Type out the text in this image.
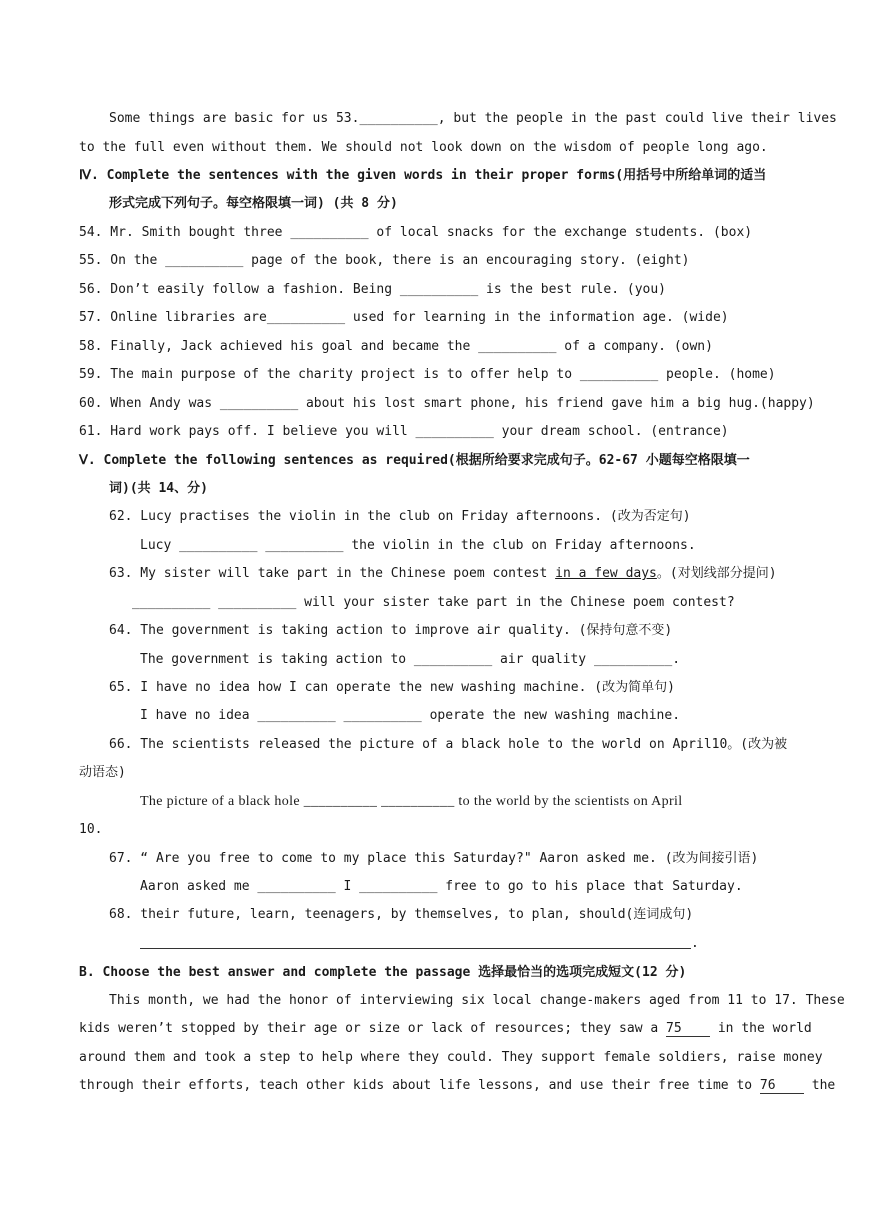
Some things are basic for us 53.__________, but the people in the past could live their lives
to the full even without them. We should not look down on the wisdom of people long ago.
Ⅳ. Complete the sentences with the given words in their proper forms(用括号中所给单词的适当
形式完成下列句子。每空格限填一词) (共 8 分)
54. Mr. Smith bought three __________ of local snacks for the exchange students. (box)
55. On the __________ page of the book, there is an encouraging story. (eight)
56. Don’t easily follow a fashion. Being __________ is the best rule. (you)
57. Online libraries are__________ used for learning in the information age. (wide)
58. Finally, Jack achieved his goal and became the __________ of a company. (own)
59. The main purpose of the charity project is to offer help to __________ people. (home)
60. When Andy was __________ about his lost smart phone, his friend gave him a big hug.(happy)
61. Hard work pays off. I believe you will __________ your dream school. (entrance)
Ⅴ. Complete the following sentences as required(根据所给要求完成句子。62-67 小题每空格限填一
词)(共 14、分)
62. Lucy practises the violin in the club on Friday afternoons. (改为否定句)
Lucy __________ __________ the violin in the club on Friday afternoons.
63. My sister will take part in the Chinese poem contest in a few days。(对划线部分提问)
__________ __________ will your sister take part in the Chinese poem contest?
64. The government is taking action to improve air quality. (保持句意不变)
The government is taking action to __________ air quality __________.
65. I have no idea how I can operate the new washing machine. (改为简单句)
I have no idea __________ __________ operate the new washing machine.
66. The scientists released the picture of a black hole to the world on April10。(改为被
动语态)
The picture of a black hole __________ __________ to the world by the scientists on April
10.
67. “ Are you free to come to my place this Saturday?" Aaron asked me. (改为间接引语)
Aaron asked me __________ I __________ free to go to his place that Saturday.
68. their future, learn, teenagers, by themselves, to plan, should(连词成句)
.
B. Choose the best answer and complete the passage 选择最恰当的选项完成短文(12 分)
This month, we had the honor of interviewing six local change-makers aged from 11 to 17. These
kids weren’t stopped by their age or size or lack of resources; they saw a 75	in the world
around them and took a step to help where they could. They support female soldiers, raise money
through their efforts, teach other kids about life lessons, and use their free time to 76	the
